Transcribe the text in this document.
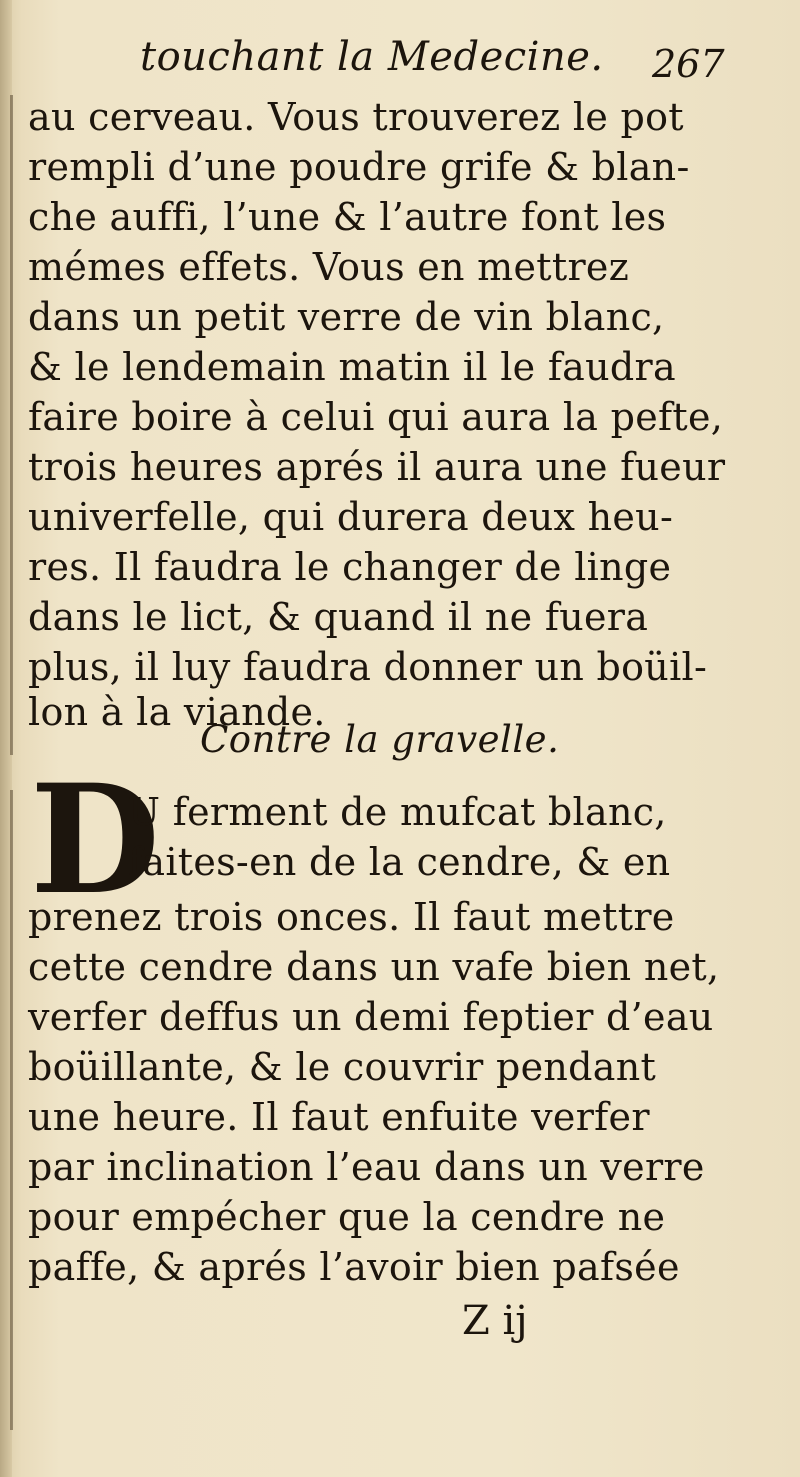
touchant la Medecine. 267
au cerveau. Vous trouverez le pot
rempli d’une poudre grife & blan-
che auffi, l’une & l’autre font les
mémes effets. Vous en mettrez
dans un petit verre de vin blanc,
& le lendemain matin il le faudra
faire boire à celui qui aura la pefte,
trois heures aprés il aura une fueur
univerfelle, qui durera deux heu-
res. Il faudra le changer de linge
dans le lict, & quand il ne fuera
plus, il luy faudra donner un boüil-
lon à la viande.
Contre la gravelle.
D
U ferment de mufcat blanc,
faites-en de la cendre, & en
prenez trois onces. Il faut mettre
cette cendre dans un vafe bien net,
verfer deffus un demi feptier d’eau
boüillante, & le couvrir pendant
une heure. Il faut enfuite verfer
par inclination l’eau dans un verre
pour empécher que la cendre ne
paffe, & aprés l’avoir bien pafsée
Z ij
